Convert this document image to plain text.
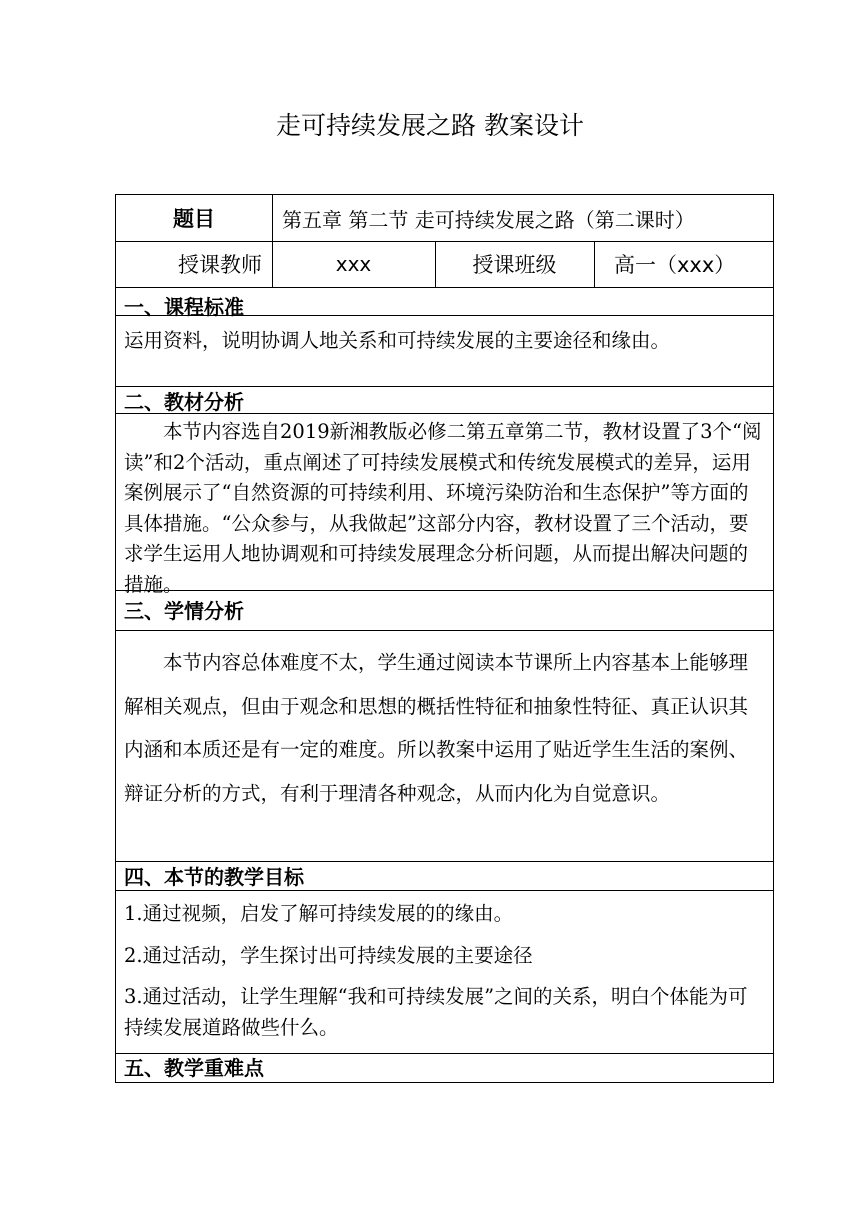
走可持续发展之路 教案设计
题目	第五章 第二节 走可持续发展之路（第二课时）
授课教师	xxx	授课班级	高一（xxx）
一、课程标准
运用资料，说明协调人地关系和可持续发展的主要途径和缘由。
二、教材分析
本节内容选自2019新湘教版必修二第五章第二节，教材设置了3个“阅读”和2个活动，重点阐述了可持续发展模式和传统发展模式的差异，运用案例展示了“自然资源的可持续利用、环境污染防治和生态保护”等方面的具体措施。“公众参与，从我做起”这部分内容，教材设置了三个活动，要求学生运用人地协调观和可持续发展理念分析问题，从而提出解决问题的措施。
三、学情分析
本节内容总体难度不太，学生通过阅读本节课所上内容基本上能够理解相关观点，但由于观念和思想的概括性特征和抽象性特征、真正认识其内涵和本质还是有一定的难度。所以教案中运用了贴近学生生活的案例、辩证分析的方式，有利于理清各种观念，从而内化为自觉意识。
四、本节的教学目标
1.通过视频，启发了解可持续发展的的缘由。
2.通过活动，学生探讨出可持续发展的主要途径
3.通过活动，让学生理解“我和可持续发展”之间的关系，明白个体能为可持续发展道路做些什么。
五、教学重难点
